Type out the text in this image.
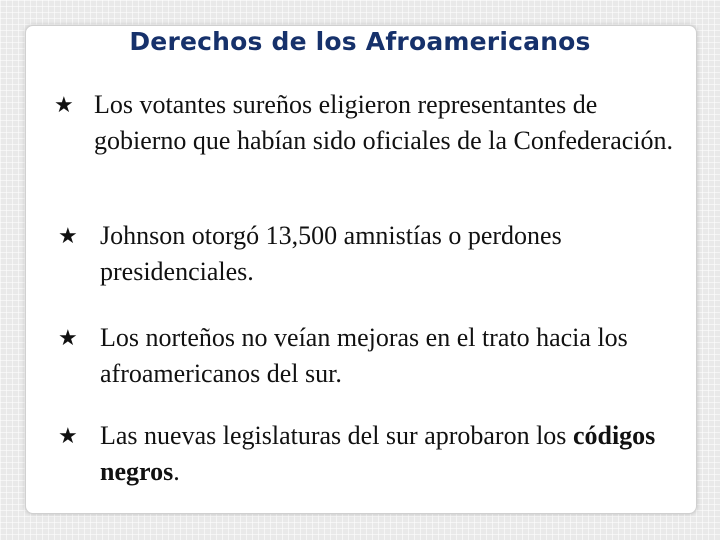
Derechos de los Afroamericanos
★ Los votantes sureños eligieron representantes de gobierno que habían sido oficiales de la Confederación.
★ Johnson otorgó 13,500 amnistías o perdones presidenciales.
★ Los norteños no veían mejoras en el trato hacia los afroamericanos del sur.
★ Las nuevas legislaturas del sur aprobaron los códigos negros.
